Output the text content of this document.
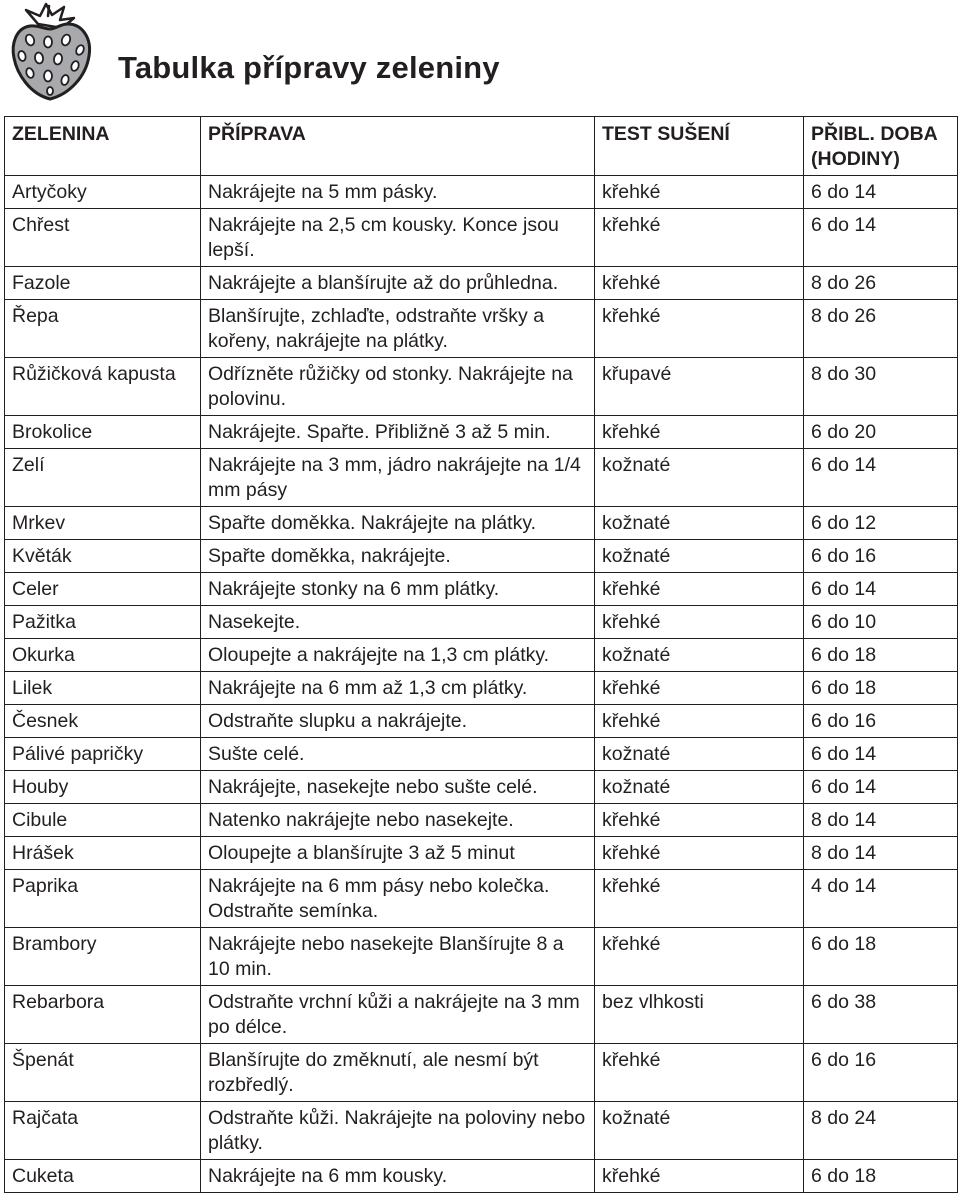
Tabulka přípravy zeleniny
ZELENINA	PŘÍPRAVA	TEST SUŠENÍ	PŘIBL. DOBA (HODINY)
Artyčoky	Nakrájejte na 5 mm pásky.	křehké	6 do 14
Chřest	Nakrájejte na 2,5 cm kousky. Konce jsou lepší.	křehké	6 do 14
Fazole	Nakrájejte a blanšírujte až do průhledna.	křehké	8 do 26
Řepa	Blanšírujte, zchlaďte, odstraňte vršky a kořeny, nakrájejte na plátky.	křehké	8 do 26
Růžičková kapusta	Odřízněte růžičky od stonky. Nakrájejte na polovinu.	křupavé	8 do 30
Brokolice	Nakrájejte. Spařte. Přibližně 3 až 5 min.	křehké	6 do 20
Zelí	Nakrájejte na 3 mm, jádro nakrájejte na 1/4 mm pásy	kožnaté	6 do 14
Mrkev	Spařte doměkka. Nakrájejte na plátky.	kožnaté	6 do 12
Květák	Spařte doměkka, nakrájejte.	kožnaté	6 do 16
Celer	Nakrájejte stonky na 6 mm plátky.	křehké	6 do 14
Pažitka	Nasekejte.	křehké	6 do 10
Okurka	Oloupejte a nakrájejte na 1,3 cm plátky.	kožnaté	6 do 18
Lilek	Nakrájejte na 6 mm až 1,3 cm plátky.	křehké	6 do 18
Česnek	Odstraňte slupku a nakrájejte.	křehké	6 do 16
Pálivé papričky	Sušte celé.	kožnaté	6 do 14
Houby	Nakrájejte, nasekejte nebo sušte celé.	kožnaté	6 do 14
Cibule	Natenko nakrájejte nebo nasekejte.	křehké	8 do 14
Hrášek	Oloupejte a blanšírujte 3 až 5 minut	křehké	8 do 14
Paprika	Nakrájejte na 6 mm pásy nebo kolečka. Odstraňte semínka.	křehké	4 do 14
Brambory	Nakrájejte nebo nasekejte Blanšírujte 8 a 10 min.	křehké	6 do 18
Rebarbora	Odstraňte vrchní kůži a nakrájejte na 3 mm po délce.	bez vlhkosti	6 do 38
Špenát	Blanšírujte do změknutí, ale nesmí být rozbředlý.	křehké	6 do 16
Rajčata	Odstraňte kůži. Nakrájejte na poloviny nebo plátky.	kožnaté	8 do 24
Cuketa	Nakrájejte na 6 mm kousky.	křehké	6 do 18
